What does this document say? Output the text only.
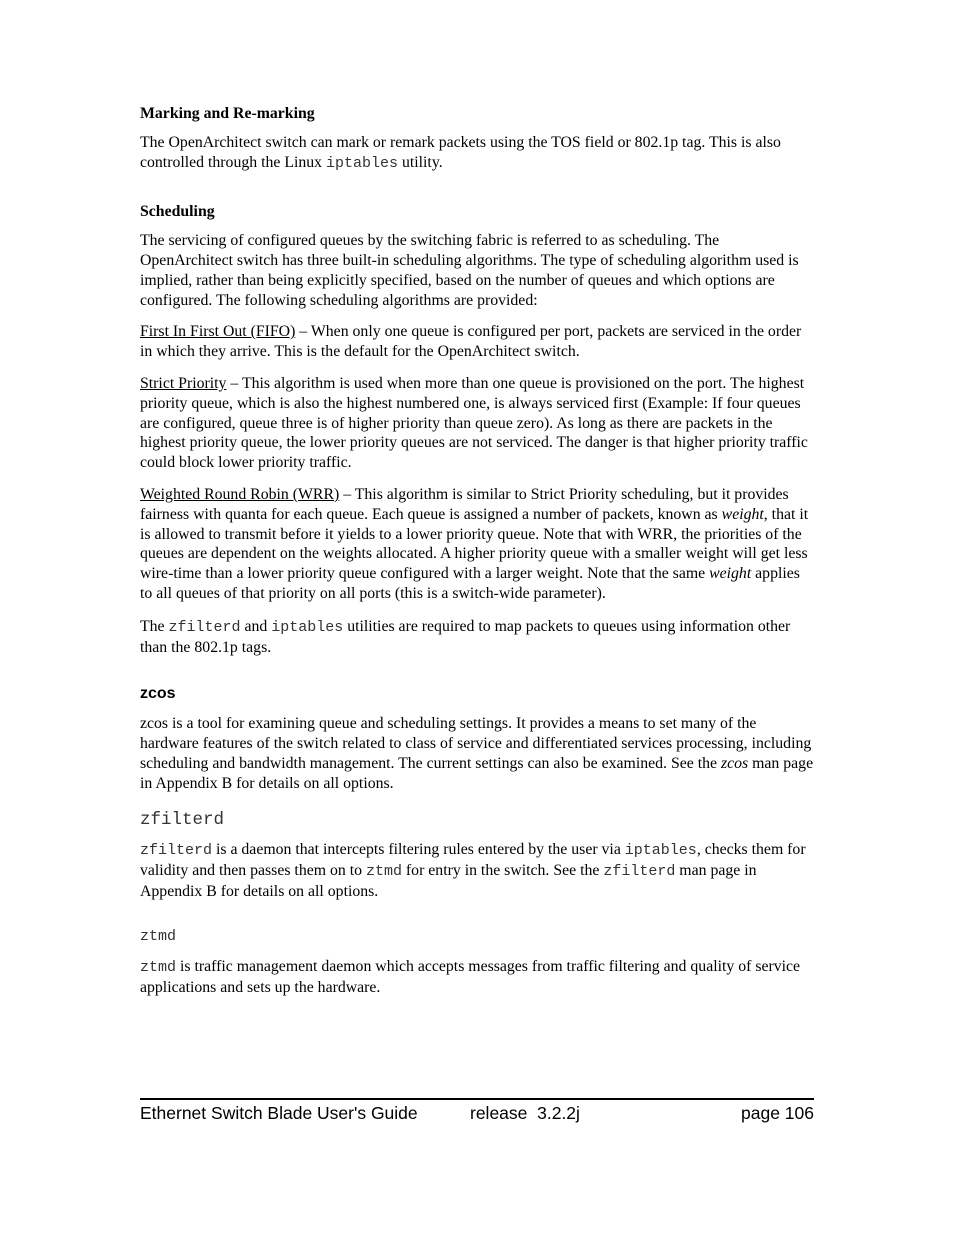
Marking and Re-marking

The OpenArchitect switch can mark or remark packets using the TOS field or 802.1p tag. This is also controlled through the Linux iptables utility.

Scheduling

The servicing of configured queues by the switching fabric is referred to as scheduling. The OpenArchitect switch has three built-in scheduling algorithms. The type of scheduling algorithm used is implied, rather than being explicitly specified, based on the number of queues and which options are configured. The following scheduling algorithms are provided:

First In First Out (FIFO) – When only one queue is configured per port, packets are serviced in the order in which they arrive. This is the default for the OpenArchitect switch.

Strict Priority – This algorithm is used when more than one queue is provisioned on the port. The highest priority queue, which is also the highest numbered one, is always serviced first (Example: If four queues are configured, queue three is of higher priority than queue zero). As long as there are packets in the highest priority queue, the lower priority queues are not serviced. The danger is that higher priority traffic could block lower priority traffic.

Weighted Round Robin (WRR) – This algorithm is similar to Strict Priority scheduling, but it provides fairness with quanta for each queue. Each queue is assigned a number of packets, known as weight, that it is allowed to transmit before it yields to a lower priority queue. Note that with WRR, the priorities of the queues are dependent on the weights allocated. A higher priority queue with a smaller weight will get less wire-time than a lower priority queue configured with a larger weight. Note that the same weight applies to all queues of that priority on all ports (this is a switch-wide parameter).

The zfilterd and iptables utilities are required to map packets to queues using information other than the 802.1p tags.

zcos

zcos is a tool for examining queue and scheduling settings. It provides a means to set many of the hardware features of the switch related to class of service and differentiated services processing, including scheduling and bandwidth management. The current settings can also be examined. See the zcos man page in Appendix B for details on all options.

zfilterd

zfilterd is a daemon that intercepts filtering rules entered by the user via iptables, checks them for validity and then passes them on to ztmd for entry in the switch. See the zfilterd man page in Appendix B for details on all options.

ztmd

ztmd is traffic management daemon which accepts messages from traffic filtering and quality of service applications and sets up the hardware.

Ethernet Switch Blade User's Guide	release  3.2.2j	page 106
